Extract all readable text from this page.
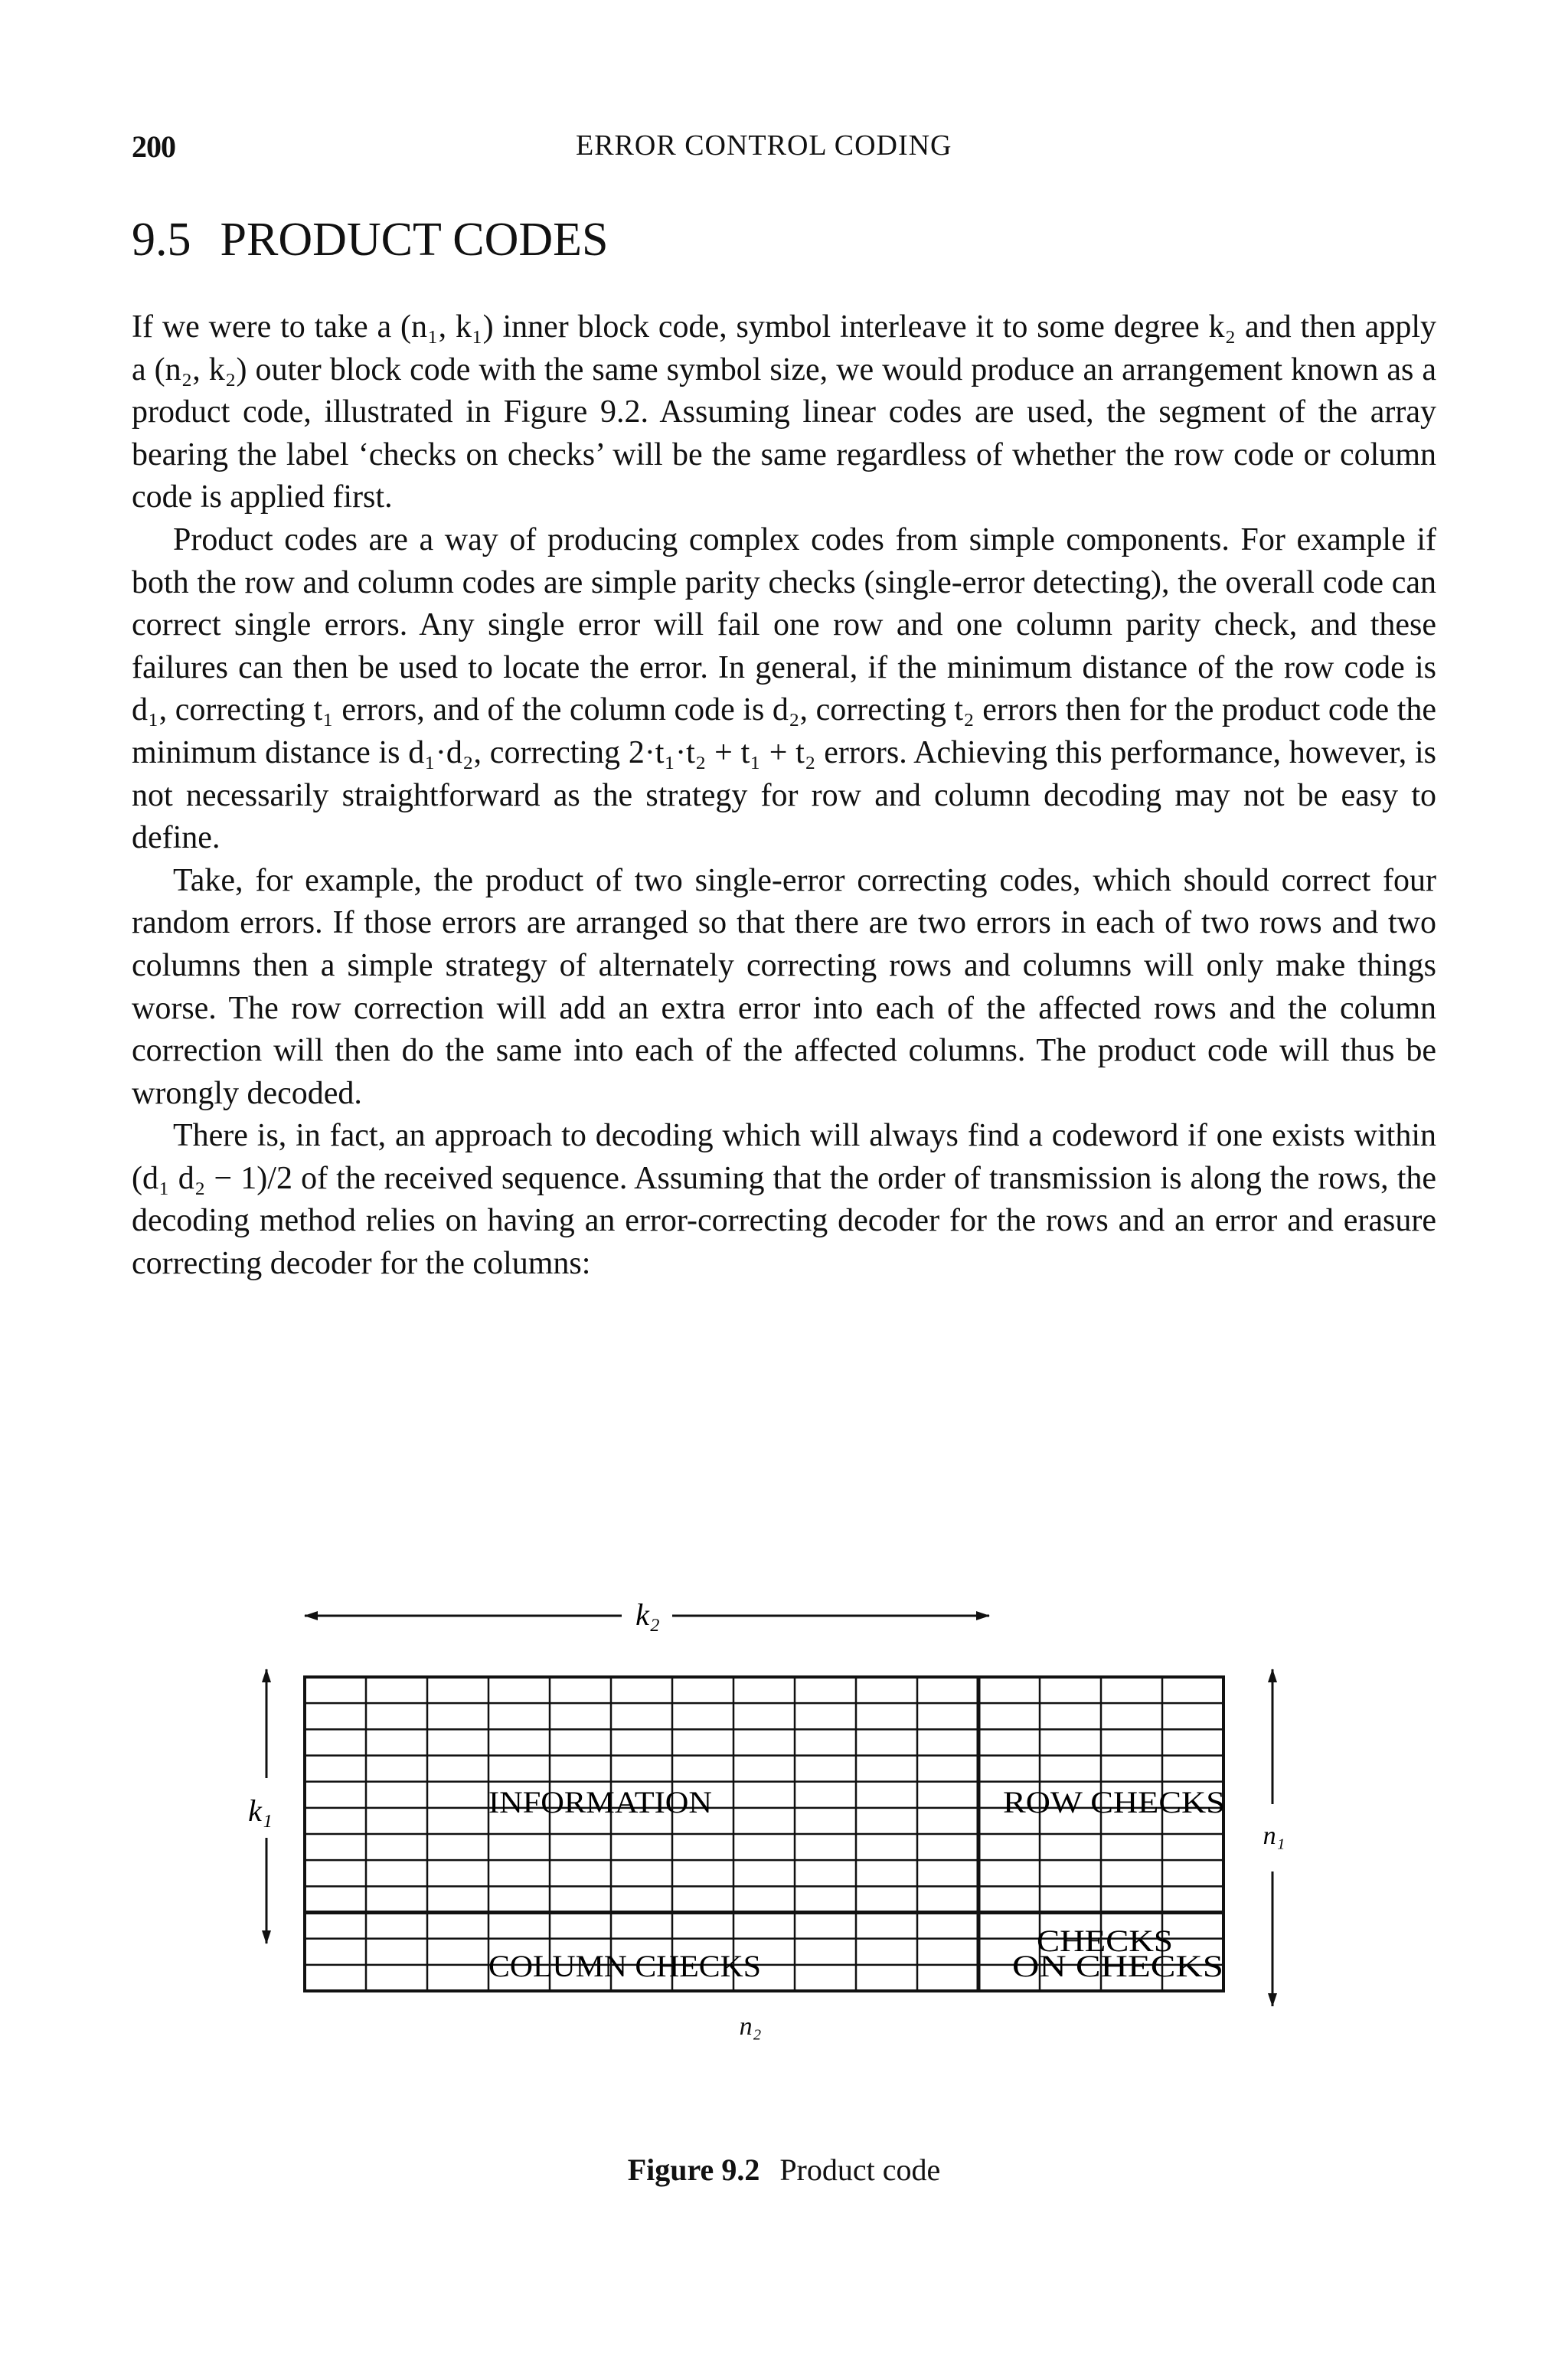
200	ERROR CONTROL CODING
9.5 PRODUCT CODES

If we were to take a (n₁, k₁) inner block code, symbol interleave it to some degree k₂ and then apply a (n₂, k₂) outer block code with the same symbol size, we would produce an arrangement known as a product code, illustrated in Figure 9.2. Assuming linear codes are used, the segment of the array bearing the label ‘checks on checks’ will be the same regardless of whether the row code or column code is applied first.

Product codes are a way of producing complex codes from simple components. For example if both the row and column codes are simple parity checks (single-error detecting), the overall code can correct single errors. Any single error will fail one row and one column parity check, and these failures can then be used to locate the error. In general, if the minimum distance of the row code is d₁, correcting t₁ errors, and of the column code is d₂, correcting t₂ errors then for the product code the minimum distance is d₁·d₂, correcting 2·t₁·t₂ + t₁ + t₂ errors. Achieving this performance, however, is not necessarily straightforward as the strategy for row and column decoding may not be easy to define.

Take, for example, the product of two single-error correcting codes, which should correct four random errors. If those errors are arranged so that there are two errors in each of two rows and two columns then a simple strategy of alternately correcting rows and columns will only make things worse. The row correction will add an extra error into each of the affected rows and the column correction will then do the same into each of the affected columns. The product code will thus be wrongly decoded.

There is, in fact, an approach to decoding which will always find a codeword if one exists within (d₁ d₂ − 1)/2 of the received sequence. Assuming that the order of transmission is along the rows, the decoding method relies on having an error-correcting decoder for the rows and an error and erasure correcting decoder for the columns:

k₂
k₁
n₁
INFORMATION	ROW CHECKS
COLUMN CHECKS
CHECKS
ON CHECKS
n₂
Figure 9.2 Product code
